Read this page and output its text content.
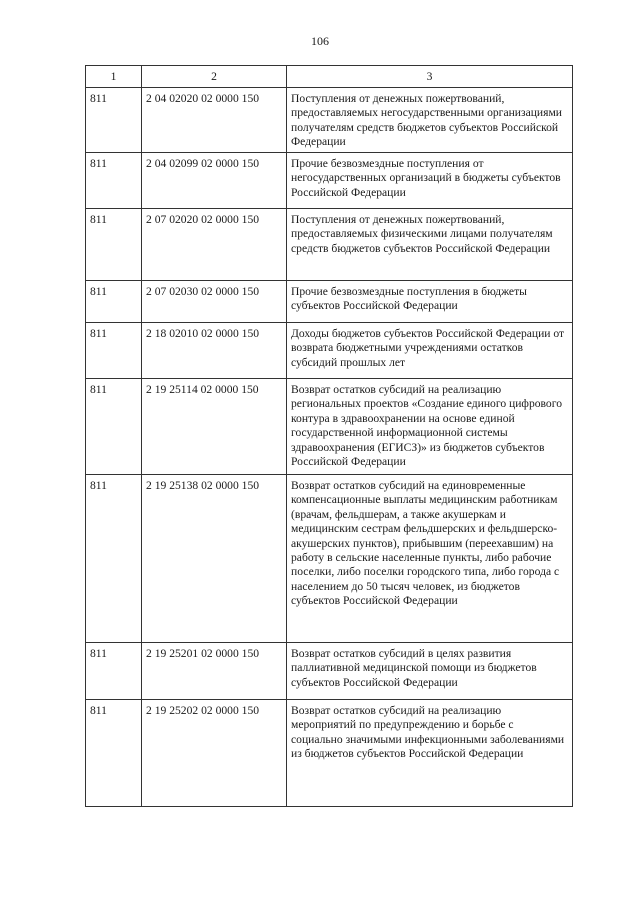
106
1	2	3
811	2 04 02020 02 0000 150	Поступления от денежных пожертвований, предоставляемых негосударственными организациями получателям средств бюджетов субъектов Российской Федерации
811	2 04 02099 02 0000 150	Прочие безвозмездные поступления от негосударственных организаций в бюджеты субъектов Российской Федерации
811	2 07 02020 02 0000 150	Поступления от денежных пожертвований, предоставляемых физическими лицами получателям средств бюджетов субъектов Российской Федерации
811	2 07 02030 02 0000 150	Прочие безвозмездные поступления в бюджеты субъектов Российской Федерации
811	2 18 02010 02 0000 150	Доходы бюджетов субъектов Российской Федерации от возврата бюджетными учреждениями остатков субсидий прошлых лет
811	2 19 25114 02 0000 150	Возврат остатков субсидий на реализацию региональных проектов «Создание единого цифрового контура в здравоохранении на основе единой государственной информационной системы здравоохранения (ЕГИСЗ)» из бюджетов субъектов Российской Федерации
811	2 19 25138 02 0000 150	Возврат остатков субсидий на единовременные компенсационные выплаты медицинским работникам (врачам, фельдшерам, а также акушеркам и медицинским сестрам фельдшерских и фельдшерско-акушерских пунктов), прибывшим (переехавшим) на работу в сельские населенные пункты, либо рабочие поселки, либо поселки городского типа, либо города с населением до 50 тысяч человек, из бюджетов субъектов Российской Федерации
811	2 19 25201 02 0000 150	Возврат остатков субсидий в целях развития паллиативной медицинской помощи из бюджетов субъектов Российской Федерации
811	2 19 25202 02 0000 150	Возврат остатков субсидий на реализацию мероприятий по предупреждению и борьбе с социально значимыми инфекционными заболеваниями из бюджетов субъектов Российской Федерации
